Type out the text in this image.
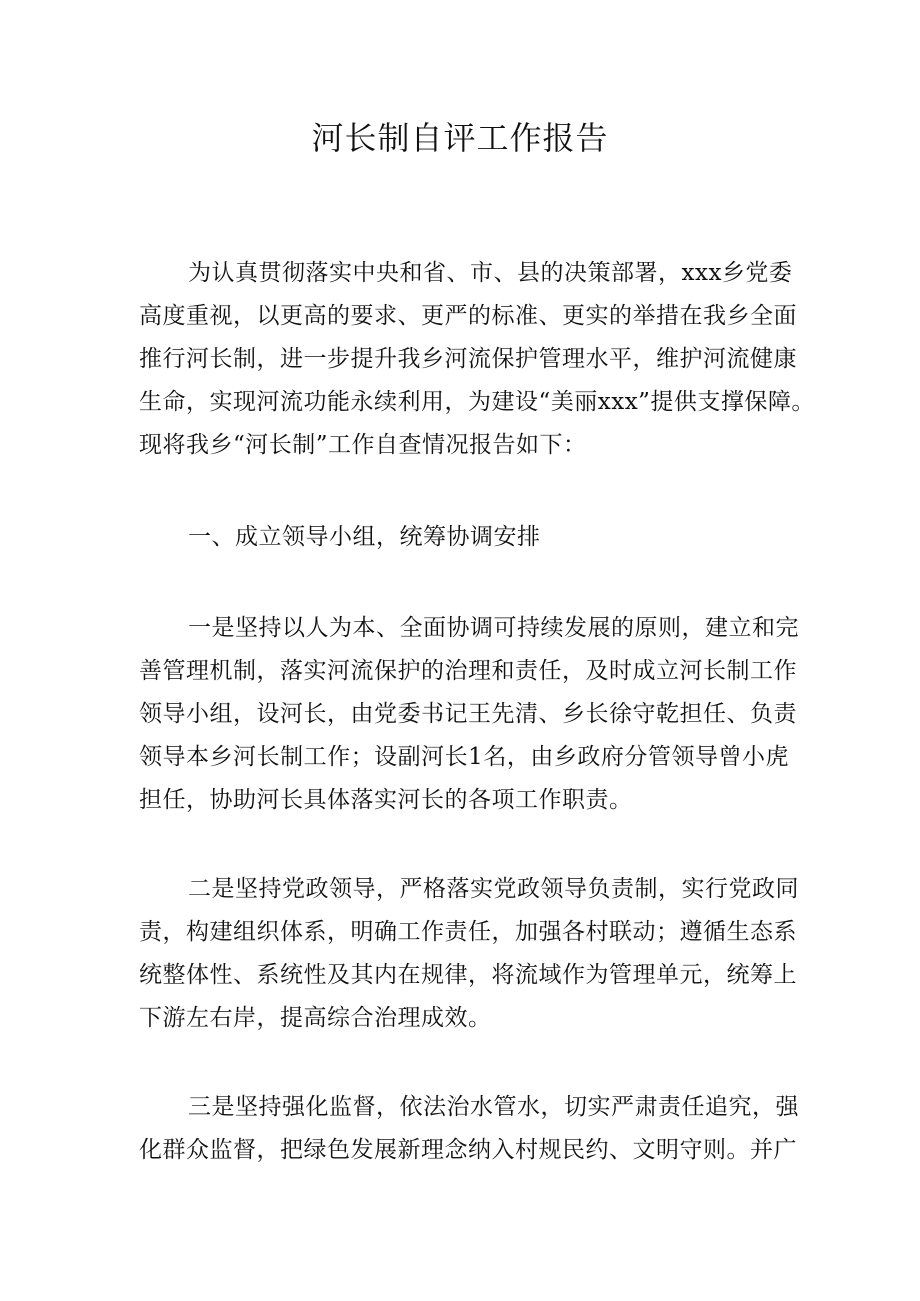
河长制自评工作报告
为认真贯彻落实中央和省、市、县的决策部署，xxx乡党委
高度重视，以更高的要求、更严的标准、更实的举措在我乡全面
推行河长制，进一步提升我乡河流保护管理水平，维护河流健康
生命，实现河流功能永续利用，为建设“美丽xxx”提供支撑保障。
现将我乡“河长制”工作自查情况报告如下：
一、成立领导小组，统筹协调安排
一是坚持以人为本、全面协调可持续发展的原则，建立和完
善管理机制，落实河流保护的治理和责任，及时成立河长制工作
领导小组，设河长，由党委书记王先清、乡长徐守乾担任、负责
领导本乡河长制工作；设副河长1名，由乡政府分管领导曾小虎
担任，协助河长具体落实河长的各项工作职责。
二是坚持党政领导，严格落实党政领导负责制，实行党政同
责，构建组织体系，明确工作责任，加强各村联动；遵循生态系
统整体性、系统性及其内在规律，将流域作为管理单元，统筹上
下游左右岸，提高综合治理成效。
三是坚持强化监督，依法治水管水，切实严肃责任追究，强
化群众监督，把绿色发展新理念纳入村规民约、文明守则。并广
